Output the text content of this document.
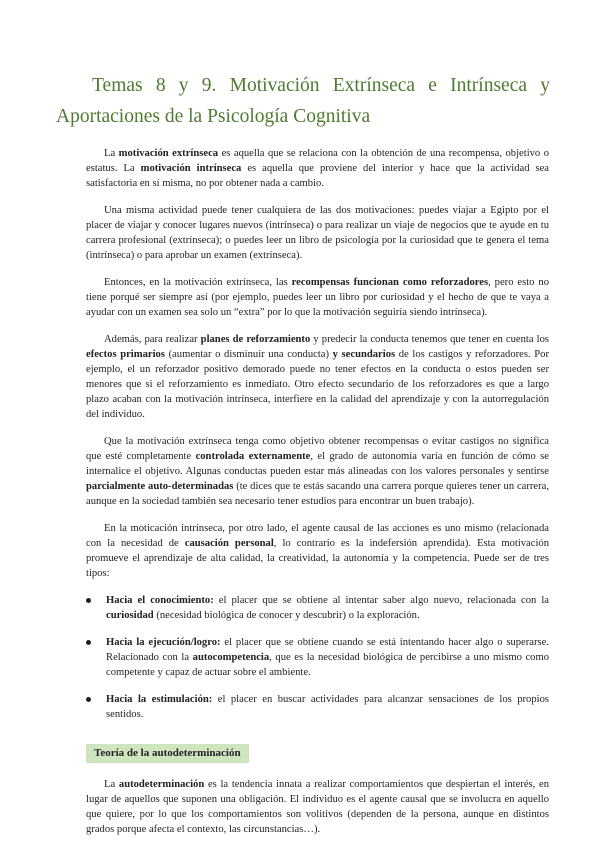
Temas 8 y 9. Motivación Extrínseca e Intrínseca y
Aportaciones de la Psicología Cognitiva

La motivación extrínseca es aquella que se relaciona con la obtención de una recompensa, objetivo o estatus. La motivación intrínseca es aquella que proviene del interior y hace que la actividad sea satisfactoria en sí misma, no por obtener nada a cambio.

Una misma actividad puede tener cualquiera de las dos motivaciones: puedes viajar a Egipto por el placer de viajar y conocer lugares nuevos (intrínseca) o para realizar un viaje de negocios que te ayude en tu carrera profesional (extrínseca); o puedes leer un libro de psicología por la curiosidad que te genera el tema (intrínseca) o para aprobar un examen (extrínseca).

Entonces, en la motivación extrínseca, las recompensas funcionan como reforzadores, pero esto no tiene porqué ser siempre así (por ejemplo, puedes leer un libro por curiosidad y el hecho de que te vaya a ayudar con un examen sea solo un “extra” por lo que la motivación seguiría siendo intrínseca).

Además, para realizar planes de reforzamiento y predecir la conducta tenemos que tener en cuenta los efectos primarios (aumentar o disminuir una conducta) y secundarios de los castigos y reforzadores. Por ejemplo, el un reforzador positivo demorado puede no tener efectos en la conducta o estos pueden ser menores que si el reforzamiento es inmediato. Otro efecto secundario de los reforzadores es que a largo plazo acaban con la motivación intrínseca, interfiere en la calidad del aprendizaje y con la autorregulación del individuo.

Que la motivación extrínseca tenga como objetivo obtener recompensas o evitar castigos no significa que esté completamente controlada externamente, el grado de autonomía varía en función de cómo se internalice el objetivo. Algunas conductas pueden estar más alineadas con los valores personales y sentirse parcialmente auto-determinadas (te dices que te estás sacando una carrera porque quieres tener un carrera, aunque en la sociedad también sea necesario tener estudios para encontrar un buen trabajo).

En la moticación intrínseca, por otro lado, el agente causal de las acciones es uno mismo (relacionada con la necesidad de causación personal, lo contrario es la indefersión aprendida). Esta motivación promueve el aprendizaje de alta calidad, la creatividad, la autonomía y la competencia. Puede ser de tres tipos:

Hacia el conocimiento: el placer que se obtiene al intentar saber algo nuevo, relacionada con la curiosidad (necesidad biológica de conocer y descubrir) o la exploración.
Hacia la ejecución/logro: el placer que se obtiene cuando se está intentando hacer algo o superarse. Relacionado con la autocompetencia, que es la necesidad biológica de percibirse a uno mismo como competente y capaz de actuar sobre el ambiente.
Hacia la estimulación: el placer en buscar actividades para alcanzar sensaciones de los propios sentidos.
Teoría de la autodeterminación

La autodeterminación es la tendencia innata a realizar comportamientos que despiertan el interés, en lugar de aquellos que suponen una obligación. El individuo es el agente causal que se involucra en aquello que quiere, por lo que los comportamientos son volitivos (dependen de la persona, aunque en distintos grados porque afecta el contexto, las circunstancias…).
